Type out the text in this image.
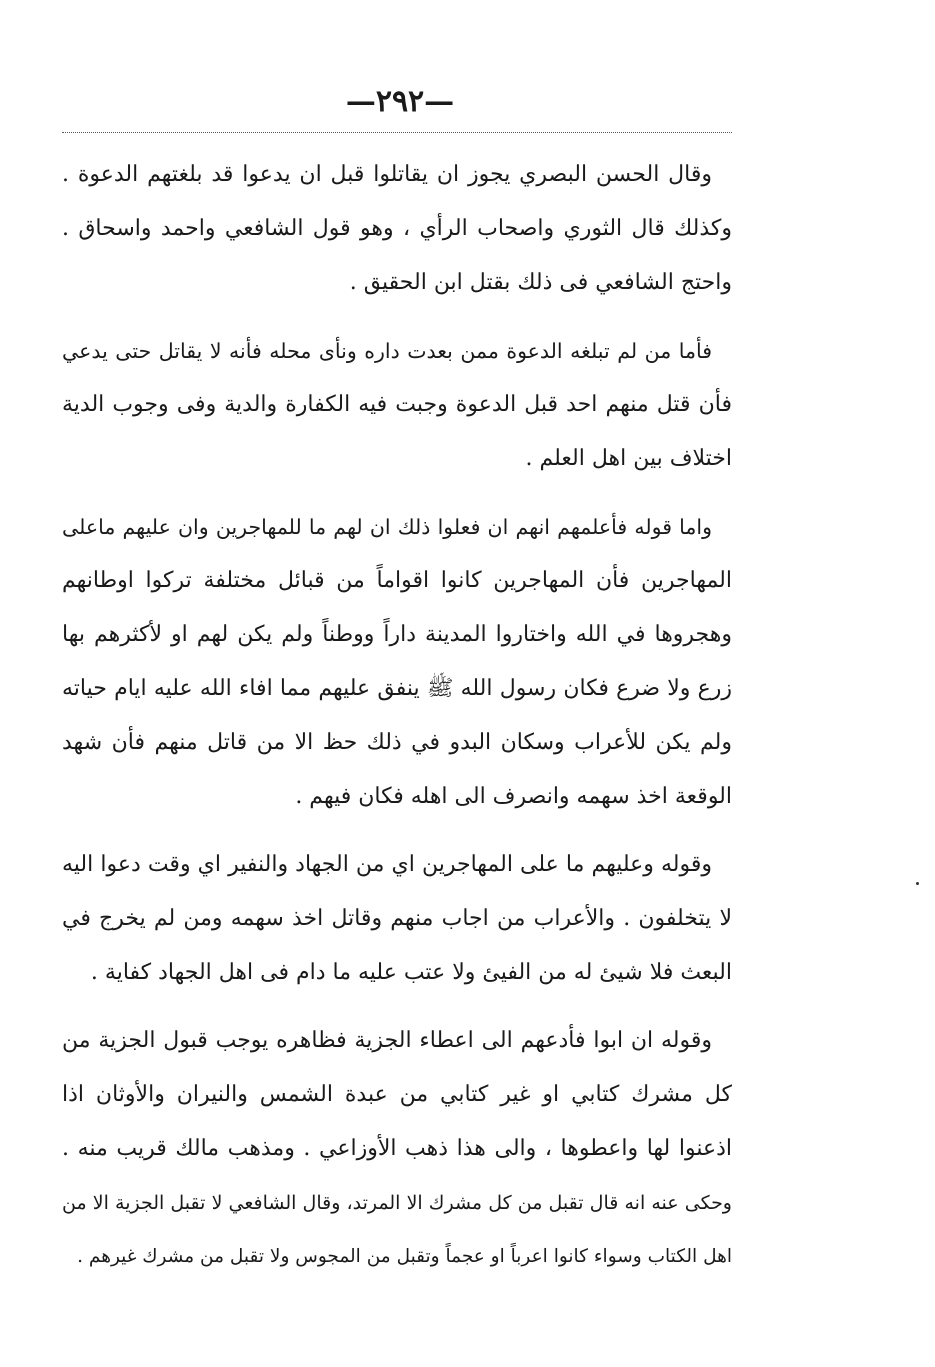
—٢٩٢—

وقال الحسن البصري يجوز ان يقاتلوا قبل ان يدعوا قد بلغتهم الدعوة .
وكذلك قال الثوري واصحاب الرأي ، وهو قول الشافعي واحمد واسحاق .
واحتج الشافعي فى ذلك بقتل ابن الحقيق .

فأما من لم تبلغه الدعوة ممن بعدت داره ونأى محله فأنه لا يقاتل حتى يدعي
فأن قتل منهم احد قبل الدعوة وجبت فيه الكفارة والدية وفى وجوب الدية
اختلاف بين اهل العلم .

واما قوله فأعلمهم انهم ان فعلوا ذلك ان لهم ما للمهاجرين وان عليهم ماعلى
المهاجرين فأن المهاجرين كانوا اقواماً من قبائل مختلفة تركوا اوطانهم
وهجروها في الله واختاروا المدينة داراً ووطناً ولم يكن لهم او لأكثرهم بها
زرع ولا ضرع فكان رسول الله ﷺ ينفق عليهم مما افاء الله عليه ايام حياته
ولم يكن للأعراب وسكان البدو في ذلك حظ الا من قاتل منهم فأن شهد
الوقعة اخذ سهمه وانصرف الى اهله فكان فيهم .

وقوله وعليهم ما على المهاجرين اي من الجهاد والنفير اي وقت دعوا اليه
لا يتخلفون . والأعراب من اجاب منهم وقاتل اخذ سهمه ومن لم يخرج في
البعث فلا شيئ له من الفيئ ولا عتب عليه ما دام فى اهل الجهاد كفاية .

وقوله ان ابوا فأدعهم الى اعطاء الجزية فظاهره يوجب قبول الجزية من
كل مشرك كتابي او غير كتابي من عبدة الشمس والنيران والأوثان اذا
اذعنوا لها واعطوها ، والى هذا ذهب الأوزاعي . ومذهب مالك قريب منه .
وحكى عنه انه قال تقبل من كل مشرك الا المرتد، وقال الشافعي لا تقبل الجزية الا من
اهل الكتاب وسواء كانوا اعرباً او عجماً وتقبل من المجوس ولا تقبل من مشرك غيرهم .
